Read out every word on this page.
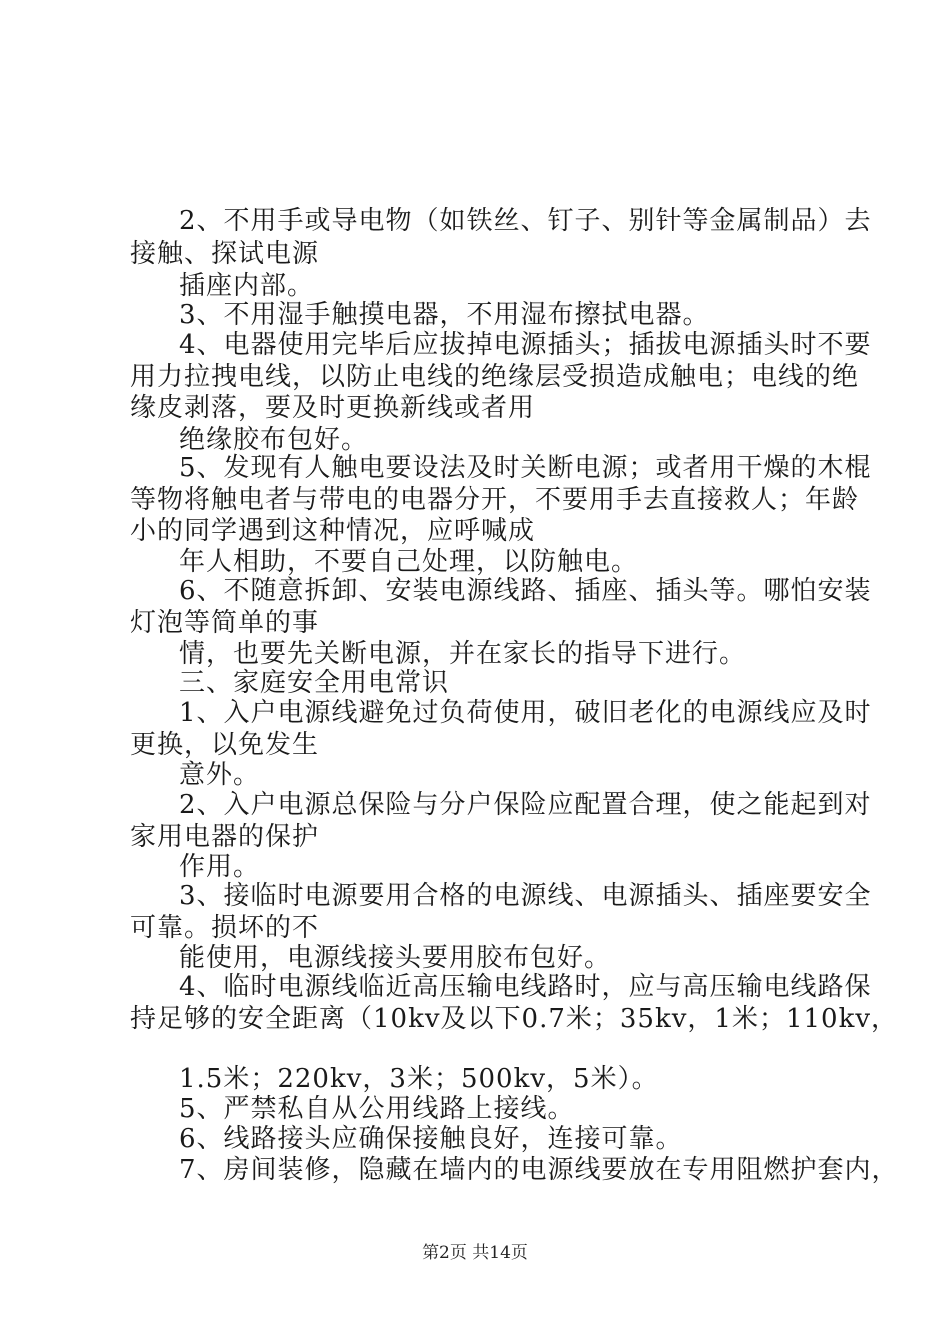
2、不用手或导电物（如铁丝、钉子、别针等金属制品）去
接触、探试电源
插座内部。
3、不用湿手触摸电器，不用湿布擦拭电器。
4、电器使用完毕后应拔掉电源插头；插拔电源插头时不要
用力拉拽电线，以防止电线的绝缘层受损造成触电；电线的绝
缘皮剥落，要及时更换新线或者用
绝缘胶布包好。
5、发现有人触电要设法及时关断电源；或者用干燥的木棍
等物将触电者与带电的电器分开，不要用手去直接救人；年龄
小的同学遇到这种情况，应呼喊成
年人相助，不要自己处理，以防触电。
6、不随意拆卸、安装电源线路、插座、插头等。哪怕安装
灯泡等简单的事
情，也要先关断电源，并在家长的指导下进行。
三、家庭安全用电常识
1、入户电源线避免过负荷使用，破旧老化的电源线应及时
更换，以免发生
意外。
2、入户电源总保险与分户保险应配置合理，使之能起到对
家用电器的保护
作用。
3、接临时电源要用合格的电源线、电源插头、插座要安全
可靠。损坏的不
能使用，电源线接头要用胶布包好。
4、临时电源线临近高压输电线路时，应与高压输电线路保
持足够的安全距离（10kv及以下0.7米；35kv，1米；110kv，
1.5米；220kv，3米；500kv，5米）。
5、严禁私自从公用线路上接线。
6、线路接头应确保接触良好，连接可靠。
7、房间装修，隐藏在墙内的电源线要放在专用阻燃护套内，
第2页 共14页
